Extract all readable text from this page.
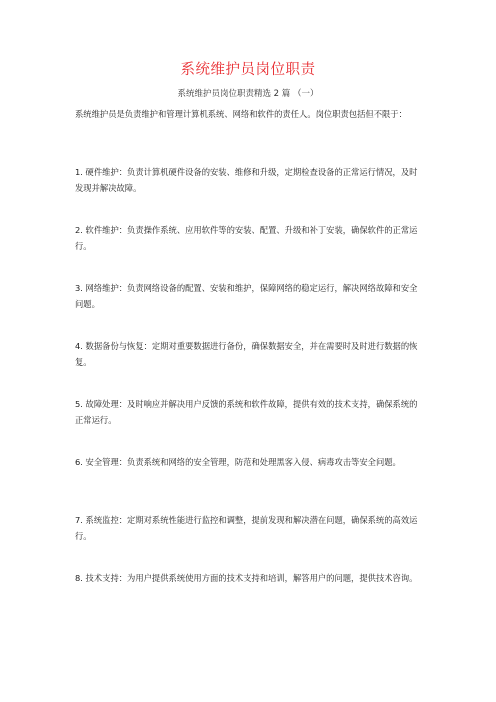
系统维护员岗位职责
系统维护员岗位职责精选 2 篇 （一）

系统维护员是负责维护和管理计算机系统、网络和软件的责任人。岗位职责包括但不限于：

1. 硬件维护：负责计算机硬件设备的安装、维修和升级，定期检查设备的正常运行情况，及时发现并解决故障。

2. 软件维护：负责操作系统、应用软件等的安装、配置、升级和补丁安装，确保软件的正常运行。

3. 网络维护：负责网络设备的配置、安装和维护，保障网络的稳定运行，解决网络故障和安全问题。

4. 数据备份与恢复：定期对重要数据进行备份，确保数据安全，并在需要时及时进行数据的恢复。

5. 故障处理：及时响应并解决用户反馈的系统和软件故障，提供有效的技术支持，确保系统的正常运行。

6. 安全管理：负责系统和网络的安全管理，防范和处理黑客入侵、病毒攻击等安全问题。

7. 系统监控：定期对系统性能进行监控和调整，提前发现和解决潜在问题，确保系统的高效运行。

8. 技术支持：为用户提供系统使用方面的技术支持和培训，解答用户的问题，提供技术咨询。
